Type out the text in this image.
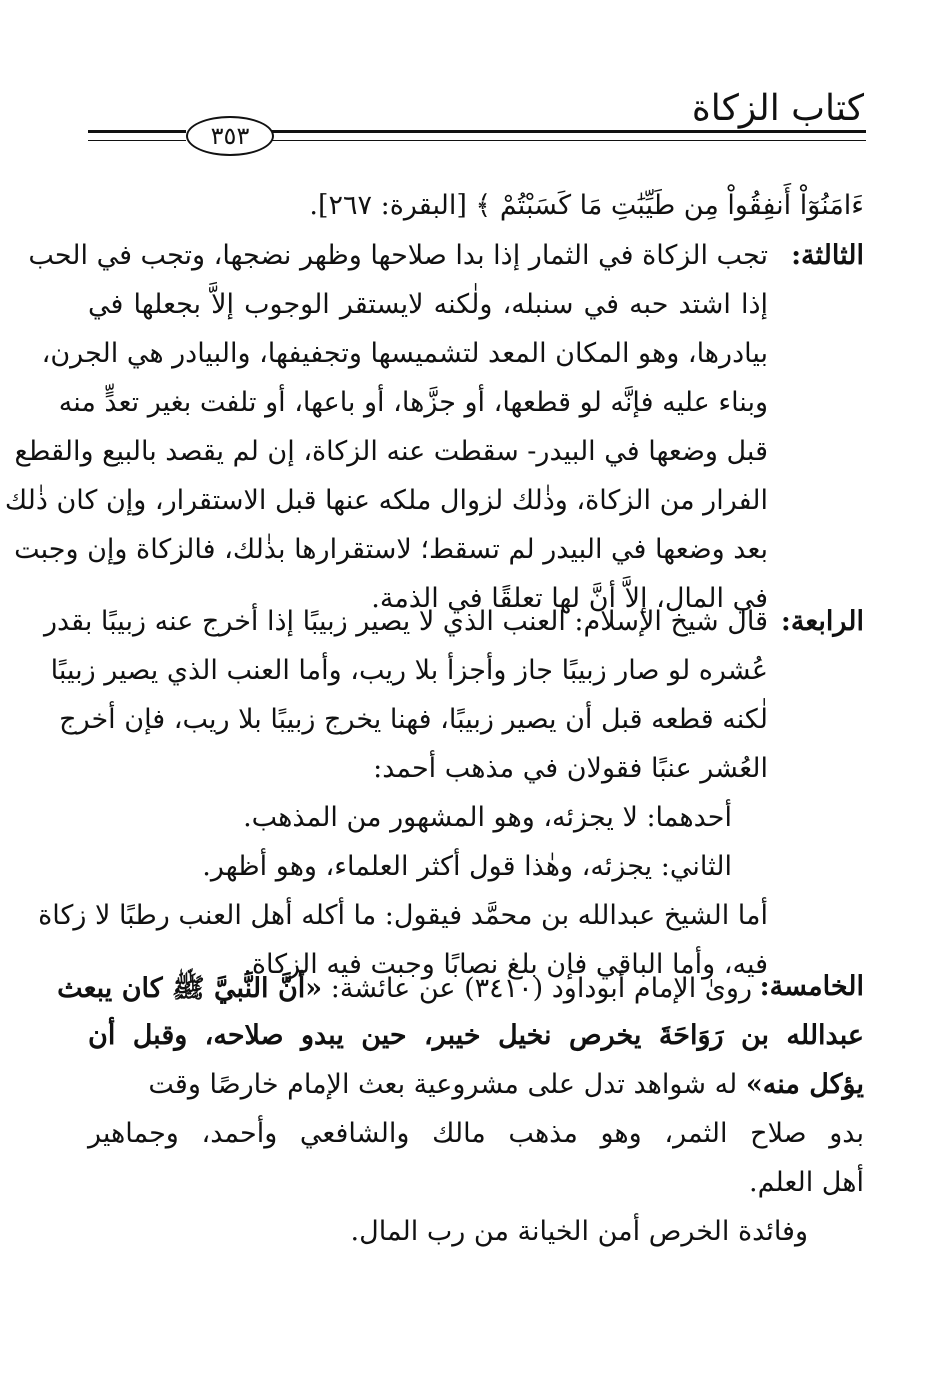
كتاب الزكاة
٣٥٣
ءَامَنُوٓاْ أَنفِقُواْ مِن طَيِّبَٰتِ مَا كَسَبْتُمْ ﴾ [البقرة: ٢٦٧].
الثالثة:
تجب الزكاة في الثمار إذا بدا صلاحها وظهر نضجها، وتجب في الحب
إذا اشتد حبه في سنبله، ولٰكنه لايستقر الوجوب إلاَّ بجعلها في
بيادرها، وهو المكان المعد لتشميسها وتجفيفها، والبيادر هي الجرن،
وبناء عليه فإنَّه لو قطعها، أو جزَّها، أو باعها، أو تلفت بغير تعدٍّ منه
قبل وضعها في البيدر- سقطت عنه الزكاة، إن لم يقصد بالبيع والقطع
الفرار من الزكاة، وذٰلك لزوال ملكه عنها قبل الاستقرار، وإن كان ذٰلك
بعد وضعها في البيدر لم تسقط؛ لاستقرارها بذٰلك، فالزكاة وإن وجبت
في المال، إلاَّ أنَّ لها تعلقًا في الذمة.
الرابعة:
قال شيخ الإسلام: العنب الذي لا يصير زبيبًا إذا أخرج عنه زبيبًا بقدر
عُشره لو صار زبيبًا جاز وأجزأ بلا ريب، وأما العنب الذي يصير زبيبًا
لٰكنه قطعه قبل أن يصير زبيبًا، فهنا يخرج زبيبًا بلا ريب، فإن أخرج
العُشر عنبًا فقولان في مذهب أحمد:
أحدهما: لا يجزئه، وهو المشهور من المذهب.
الثاني: يجزئه، وهٰذا قول أكثر العلماء، وهو أظهر.
أما الشيخ عبدالله بن محمَّد فيقول: ما أكله أهل العنب رطبًا لا زكاة
فيه، وأما الباقي فإن بلغ نصابًا وجبت فيه الزكاة.
الخامسة:
رویٰ الإمام أبوداود (٣٤١٠) عن عائشة: «أنَّ النَّبيَّ ﷺ كان يبعث
عبدالله بن رَوَاحَةَ يخرص نخيل خيبر، حين يبدو صلاحه، وقبل أن
يؤكل منه» له شواهد تدل على مشروعية بعث الإمام خارصًا وقت
بدو صلاح الثمر، وهو مذهب مالك والشافعي وأحمد، وجماهير
أهل العلم.
وفائدة الخرص أمن الخيانة من رب المال.
